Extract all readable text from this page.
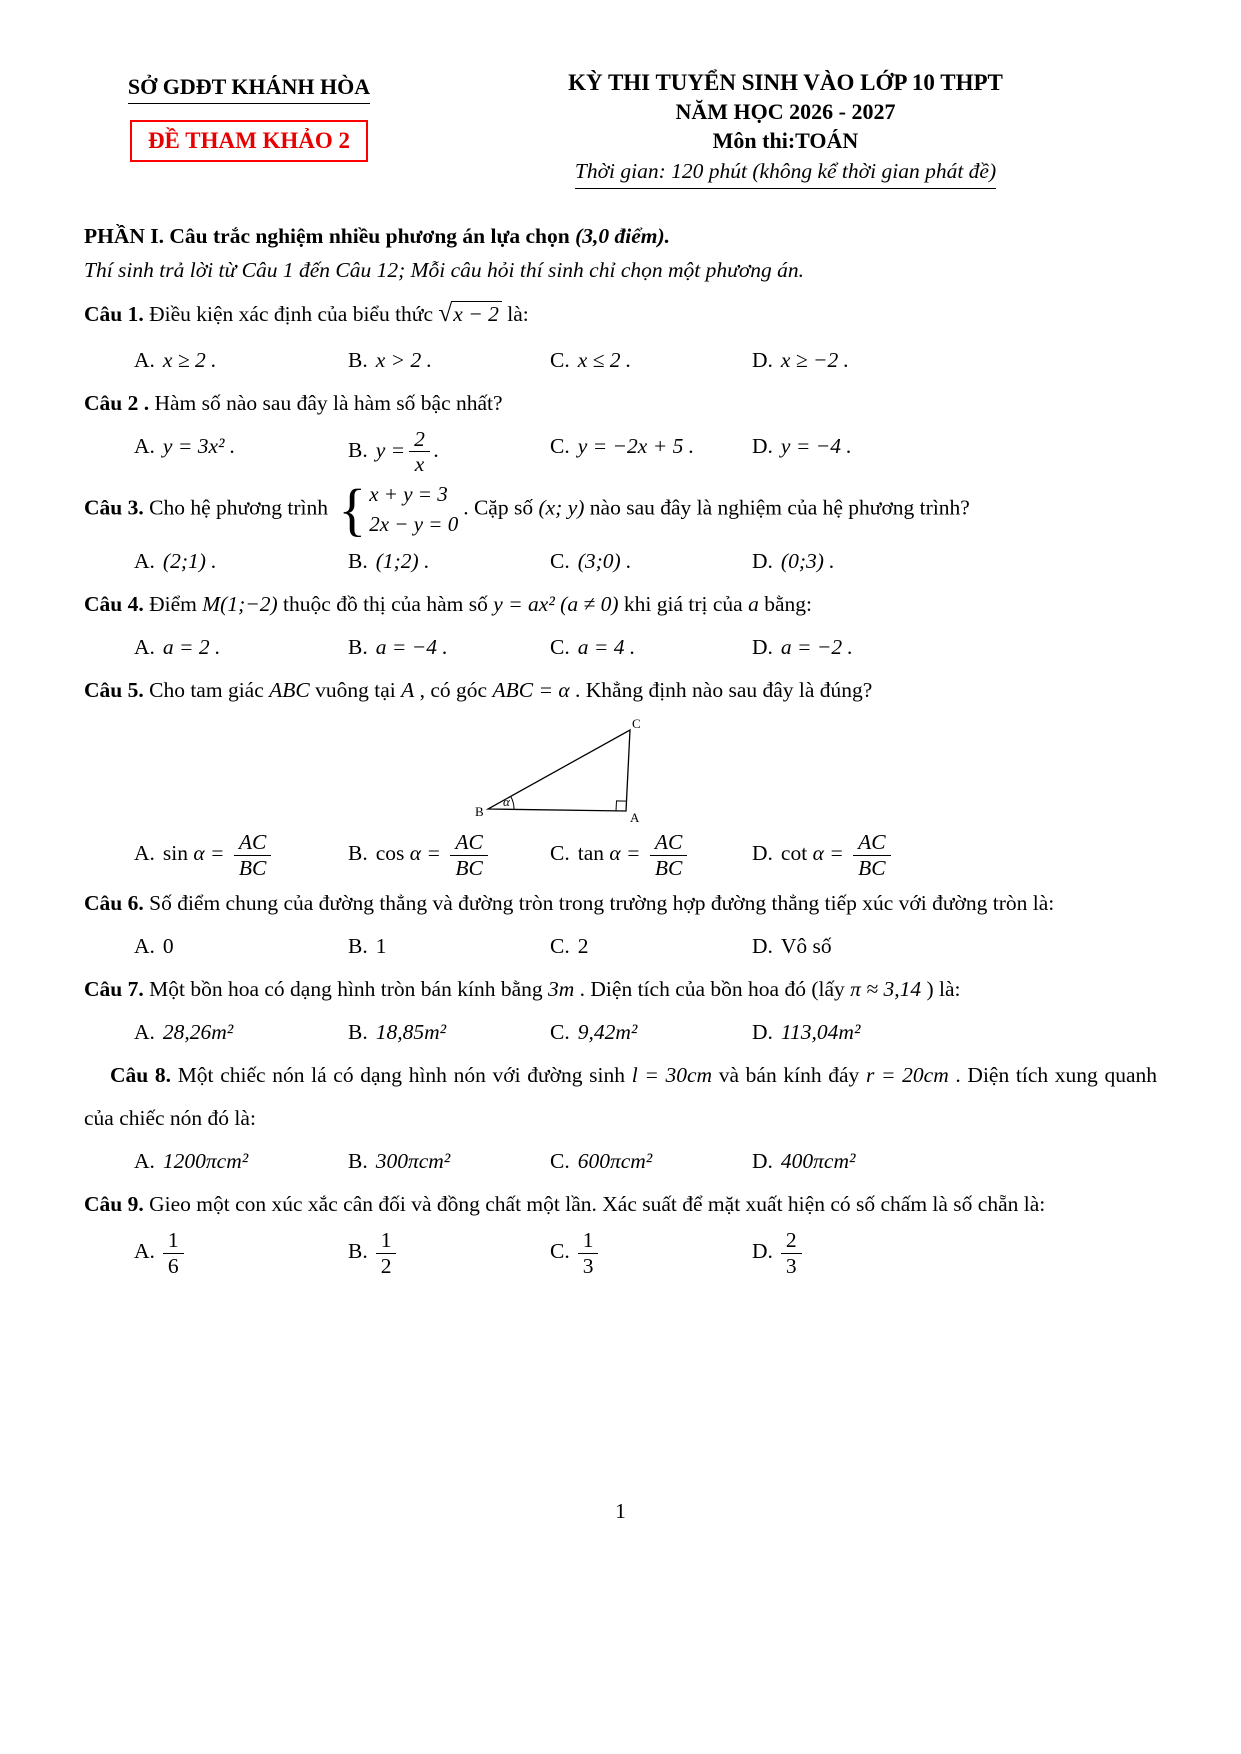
SỞ GDĐT KHÁNH HÒA
ĐỀ THAM KHẢO 2
KỲ THI TUYỂN SINH VÀO LỚP 10 THPT
NĂM HỌC 2026 - 2027
Môn thi:TOÁN
Thời gian: 120 phút (không kể thời gian phát đề)
PHẦN I. Câu trắc nghiệm nhiều phương án lựa chọn (3,0 điểm).
Thí sinh trả lời từ Câu 1 đến Câu 12; Mỗi câu hỏi thí sinh chỉ chọn một phương án.
Câu 1. Điều kiện xác định của biểu thức √x − 2 là:
A. x ≥ 2 .	B. x > 2 .	C. x ≤ 2 .	D. x ≥ −2 .
Câu 2 . Hàm số nào sau đây là hàm số bậc nhất?
A. y = 3x² .	B. $y = \frac{2}{x}$ .	C. y = −2x + 5 .	D. y = −4 .
Câu 3. Cho hệ phương trình { x + y = 3
2x − y = 0
. Cặp số (x; y) nào sau đây là nghiệm của hệ phương trình?
A. (2;1) .	B. (1;2) .	C. (3;0) .	D. (0;3) .
Câu 4. Điểm M(1;−2) thuộc đồ thị của hàm số y = ax² (a ≠ 0) khi giá trị của a bằng:
A. a = 2 .	B. a = −4 .	C. a = 4 .	D. a = −2 .
Câu 5. Cho tam giác ABC vuông tại A , có góc ABC = α . Khẳng định nào sau đây là đúng?
B	A
C
α
A. $\sin \alpha = \frac{AC}{BC}$	B. $\cos \alpha = \frac{AC}{BC}$	C. $\tan \alpha = \frac{AC}{BC}$	D. $\cot \alpha = \frac{AC}{BC}$
Câu 6. Số điểm chung của đường thẳng và đường tròn trong trường hợp đường thẳng tiếp xúc với đường tròn là:
A. 0	B. 1	C. 2	D. Vô số
Câu 7. Một bồn hoa có dạng hình tròn bán kính bằng 3m . Diện tích của bồn hoa đó (lấy π ≈ 3,14 ) là:
A. 28,26m²	B. 18,85m²	C. 9,42m²	D. 113,04m²
Câu 8. Một chiếc nón lá có dạng hình nón với đường sinh l = 30cm và bán kính đáy r = 20cm . Diện tích xung quanh của chiếc nón đó là:
A. 1200πcm²	B. 300πcm²	C. 600πcm²	D. 400πcm²
Câu 9. Gieo một con xúc xắc cân đối và đồng chất một lần. Xác suất để mặt xuất hiện có số chấm là số chẵn là:
A. $\frac{1}{6}$	B. $\frac{1}{2}$	C. $\frac{1}{3}$	D. $\frac{2}{3}$
1
